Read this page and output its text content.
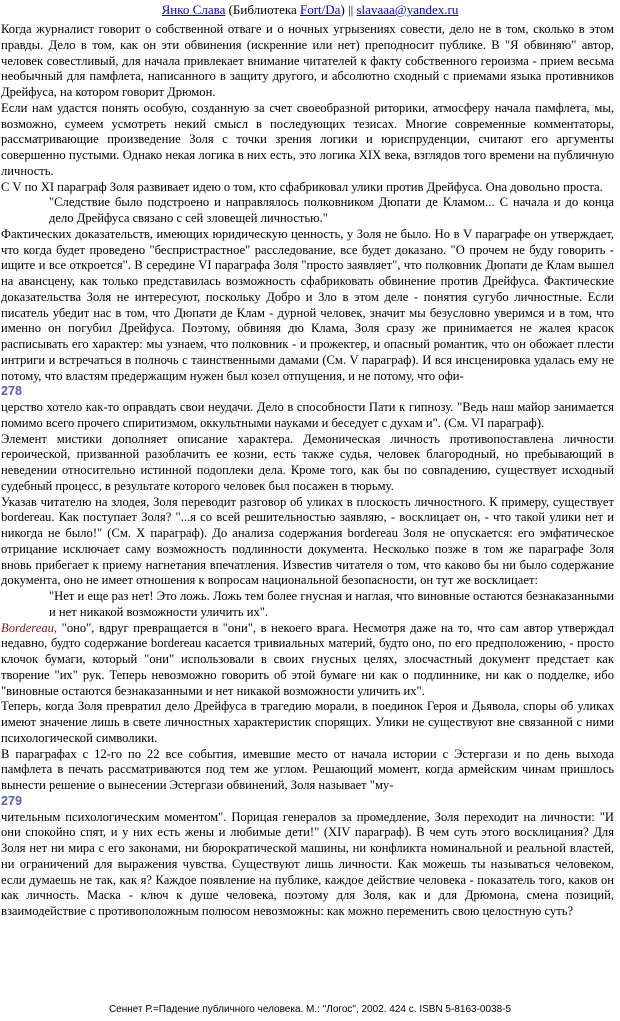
Янко Слава (Библиотека Fort/Da) || slavaaa@yandex.ru

Когда журналист говорит о собственной отваге и о ночных угрызениях совести, дело не в том, сколько в этом правды. Дело в том, как он эти обвинения (искренние или нет) преподносит публике. В "Я обвиняю" автор, человек совестливый, для начала привлекает внимание читателей к факту собственного героизма - прием весьма необычный для памфлета, написанного в защиту другого, и абсолютно сходный с приемами языка противников Дрейфуса, на котором говорит Дрюмон.

Если нам удастся понять особую, созданную за счет своеобразной риторики, атмосферу начала памфлета, мы, возможно, сумеем усмотреть некий смысл в последующих тезисах. Многие современные комментаторы, рассматривающие произведение Золя с точки зрения логики и юриспруденции, считают его аргументы совершенно пустыми. Однако некая логика в них есть, это логика XIX века, взглядов того времени на публичную личность.

С V по XI параграф Золя развивает идею о том, кто сфабриковал улики против Дрейфуса. Она довольно проста.

"Следствие было подстроено и направлялось полковником Дюпати де Кламом... С начала и до конца дело Дрейфуса связано с сей зловещей личностью."

Фактических доказательств, имеющих юридическую ценность, у Золя не было. Но в V параграфе он утверждает, что когда будет проведено "беспристрастное" расследование, все будет доказано. "О прочем не буду говорить - ищите и все откроется". В середине VI параграфа Золя "просто заявляет", что полковник Дюпати де Клам вышел на авансцену, как только представилась возможность сфабриковать обвинение против Дрейфуса. Фактические доказательства Золя не интересуют, поскольку Добро и Зло в этом деле - понятия сугубо личностные. Если писатель убедит нас в том, что Дюпати де Клам - дурной человек, значит мы безусловно уверимся и в том, что именно он погубил Дрейфуса. Поэтому, обвиняя дю Клама, Золя сразу же принимается не жалея красок расписывать его характер: мы узнаем, что полковник - и прожектер, и опасный романтик, что он обожает плести интриги и встречаться в полночь с таинственными дамами (См. V параграф). И вся инсценировка удалась ему не потому, что властям предержащим нужен был козел отпущения, и не потому, что офи-

278

церство хотело как-то оправдать свои неудачи. Дело в способности Пати к гипнозу. "Ведь наш майор занимается помимо всего прочего спиритизмом, оккультными науками и беседует с духам и". (См. VI параграф).

Элемент мистики дополняет описание характера. Демоническая личность противопоставлена личности героической, призванной разоблачить ее козни, есть также судья, человек благородный, но пребывающий в неведении относительно истинной подоплеки дела. Кроме того, как бы по совпадению, существует исходный судебный процесс, в результате которого человек был посажен в тюрьму.

Указав читателю на злодея, Золя переводит разговор об уликах в плоскость личностного. К примеру, существует bordereau. Как поступает Золя? "...я со всей решительностью заявляю, - восклицает он, - что такой улики нет и никогда не было!" (См. X параграф). До анализа содержания bordereau Золя не опускается: его эмфатическое отрицание исключает саму возможность подлинности документа. Несколько позже в том же параграфе Золя вновь прибегает к приему нагнетания впечатления. Известив читателя о том, что каково бы ни было содержание документа, оно не имеет отношения к вопросам национальной безопасности, он тут же восклицает:

"Нет и еще раз нет! Это ложь. Ложь тем более гнусная и наглая, что виновные остаются безнаказанными и нет никакой возможности уличить их".

Bordereau, "оно", вдруг превращается в "они", в некоего врага. Несмотря даже на то, что сам автор утверждал недавно, будто содержание bordereau касается тривиальных материй, будто оно, по его предположению, - просто клочок бумаги, который "они" использовали в своих гнусных целях, злосчастный документ предстает как творение "их" рук. Теперь невозможно говорить об этой бумаге ни как о подлиннике, ни как о подделке, ибо "виновные остаются безнаказанными и нет никакой возможности уличить их".

Теперь, когда Золя превратил дело Дрейфуса в трагедию морали, в поединок Героя и Дьявола, споры об уликах имеют значение лишь в свете личностных характеристик спорящих. Улики не существуют вне связанной с ними психологической символики.

В параграфах с 12-го по 22 все события, имевшие место от начала истории с Эстергази и по день выхода памфлета в печать рассматриваются под тем же углом. Решающий момент, когда армейским чинам пришлось вынести решение о вынесении Эстергази обвинений, Золя называет "му-

279

чительным психологическим моментом". Порицая генералов за промедление, Золя переходит на личности: "И они спокойно спят, и у них есть жены и любимые дети!" (XIV параграф). В чем суть этого восклицания? Для Золя нет ни мира с его законами, ни бюрократической машины, ни конфликта номинальной и реальной властей, ни ограничений для выражения чувства. Существуют лишь личности. Как можешь ты называться человеком, если думаешь не так, как я? Каждое появление на публике, каждое действие человека - показатель того, каков он как личность. Маска - ключ к душе человека, поэтому для Золя, как и для Дрюмона, смена позиций, взаимодействие с противоположным полюсом невозможны: как можно переменить свою целостную суть?

Сеннет Р.=Падение публичного человека. М.: "Логос", 2002. 424 с. ISBN 5-8163-0038-5
